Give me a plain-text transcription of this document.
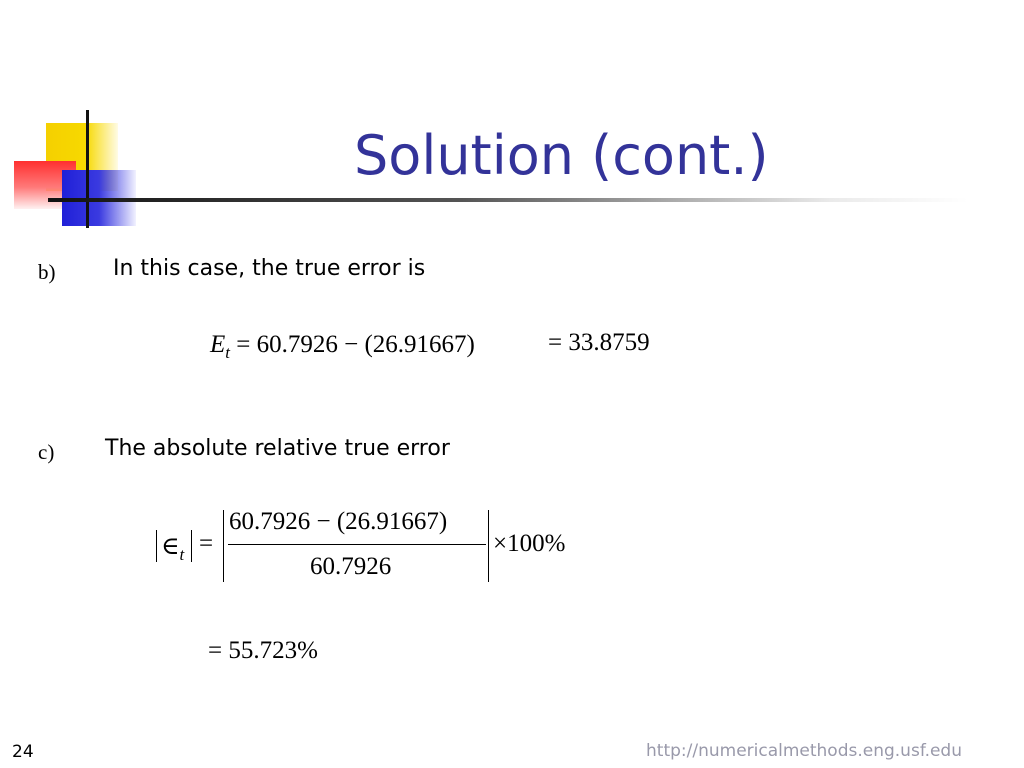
Solution (cont.)
b)	In this case, the true error is
$E_t = 60.7926 - (26.91667)$	= 33.8759
c) The absolute relative true error
$\in_t$ =
60.7926 − (26.91667)
60.7926
×100%
= 55.723%
24	http://numericalmethods.eng.usf.edu
